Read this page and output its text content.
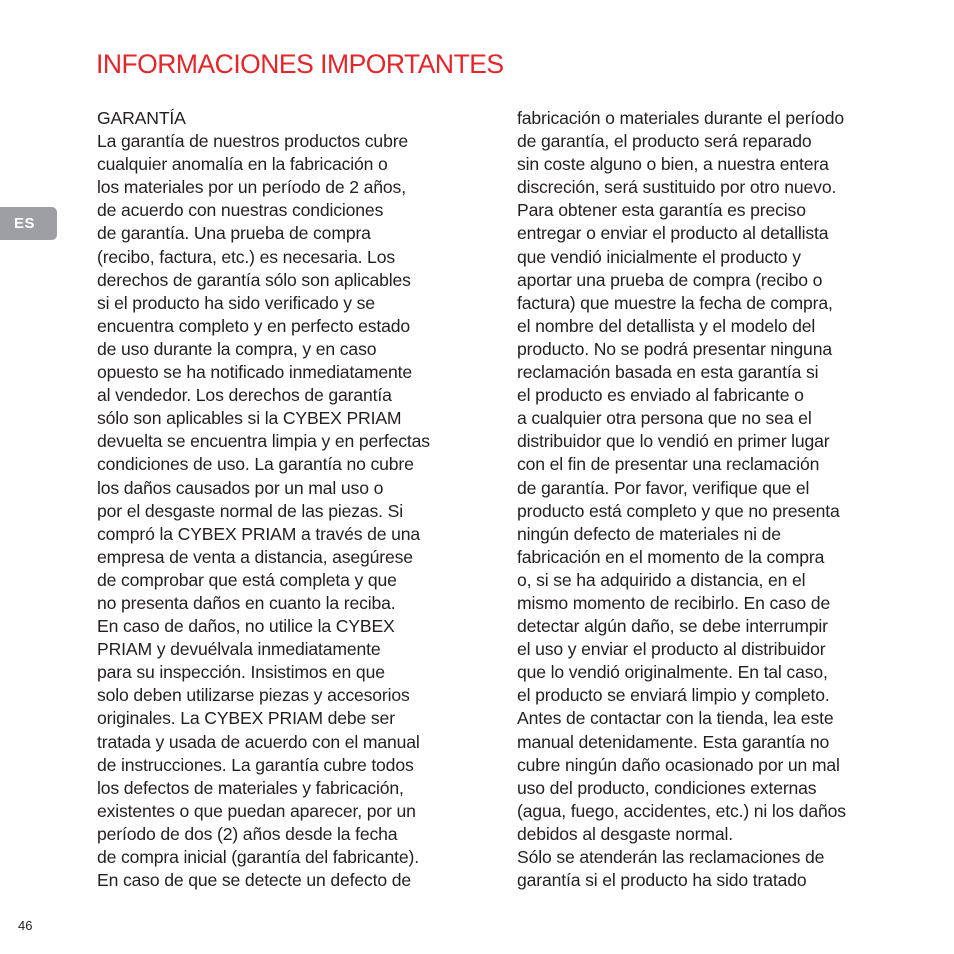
INFORMACIONES IMPORTANTES
ES
GARANTÍA
La garantía de nuestros productos cubre
cualquier anomalía en la fabricación o
los materiales por un período de 2 años,
de acuerdo con nuestras condiciones
de garantía. Una prueba de compra
(recibo, factura, etc.) es necesaria. Los
derechos de garantía sólo son aplicables
si el producto ha sido verificado y se
encuentra completo y en perfecto estado
de uso durante la compra, y en caso
opuesto se ha notificado inmediatamente
al vendedor. Los derechos de garantía
sólo son aplicables si la CYBEX PRIAM
devuelta se encuentra limpia y en perfectas
condiciones de uso. La garantía no cubre
los daños causados por un mal uso o
por el desgaste normal de las piezas. Si
compró la CYBEX PRIAM a través de una
empresa de venta a distancia, asegúrese
de comprobar que está completa y que
no presenta daños en cuanto la reciba.
En caso de daños, no utilice la CYBEX
PRIAM y devuélvala inmediatamente
para su inspección. Insistimos en que
solo deben utilizarse piezas y accesorios
originales. La CYBEX PRIAM debe ser
tratada y usada de acuerdo con el manual
de instrucciones. La garantía cubre todos
los defectos de materiales y fabricación,
existentes o que puedan aparecer, por un
período de dos (2) años desde la fecha
de compra inicial (garantía del fabricante).
En caso de que se detecte un defecto de
fabricación o materiales durante el período
de garantía, el producto será reparado
sin coste alguno o bien, a nuestra entera
discreción, será sustituido por otro nuevo.
Para obtener esta garantía es preciso
entregar o enviar el producto al detallista
que vendió inicialmente el producto y
aportar una prueba de compra (recibo o
factura) que muestre la fecha de compra,
el nombre del detallista y el modelo del
producto. No se podrá presentar ninguna
reclamación basada en esta garantía si
el producto es enviado al fabricante o
a cualquier otra persona que no sea el
distribuidor que lo vendió en primer lugar
con el fin de presentar una reclamación
de garantía. Por favor, verifique que el
producto está completo y que no presenta
ningún defecto de materiales ni de
fabricación en el momento de la compra
o, si se ha adquirido a distancia, en el
mismo momento de recibirlo. En caso de
detectar algún daño, se debe interrumpir
el uso y enviar el producto al distribuidor
que lo vendió originalmente. En tal caso,
el producto se enviará limpio y completo.
Antes de contactar con la tienda, lea este
manual detenidamente. Esta garantía no
cubre ningún daño ocasionado por un mal
uso del producto, condiciones externas
(agua, fuego, accidentes, etc.) ni los daños
debidos al desgaste normal.
Sólo se atenderán las reclamaciones de
garantía si el producto ha sido tratado
46
